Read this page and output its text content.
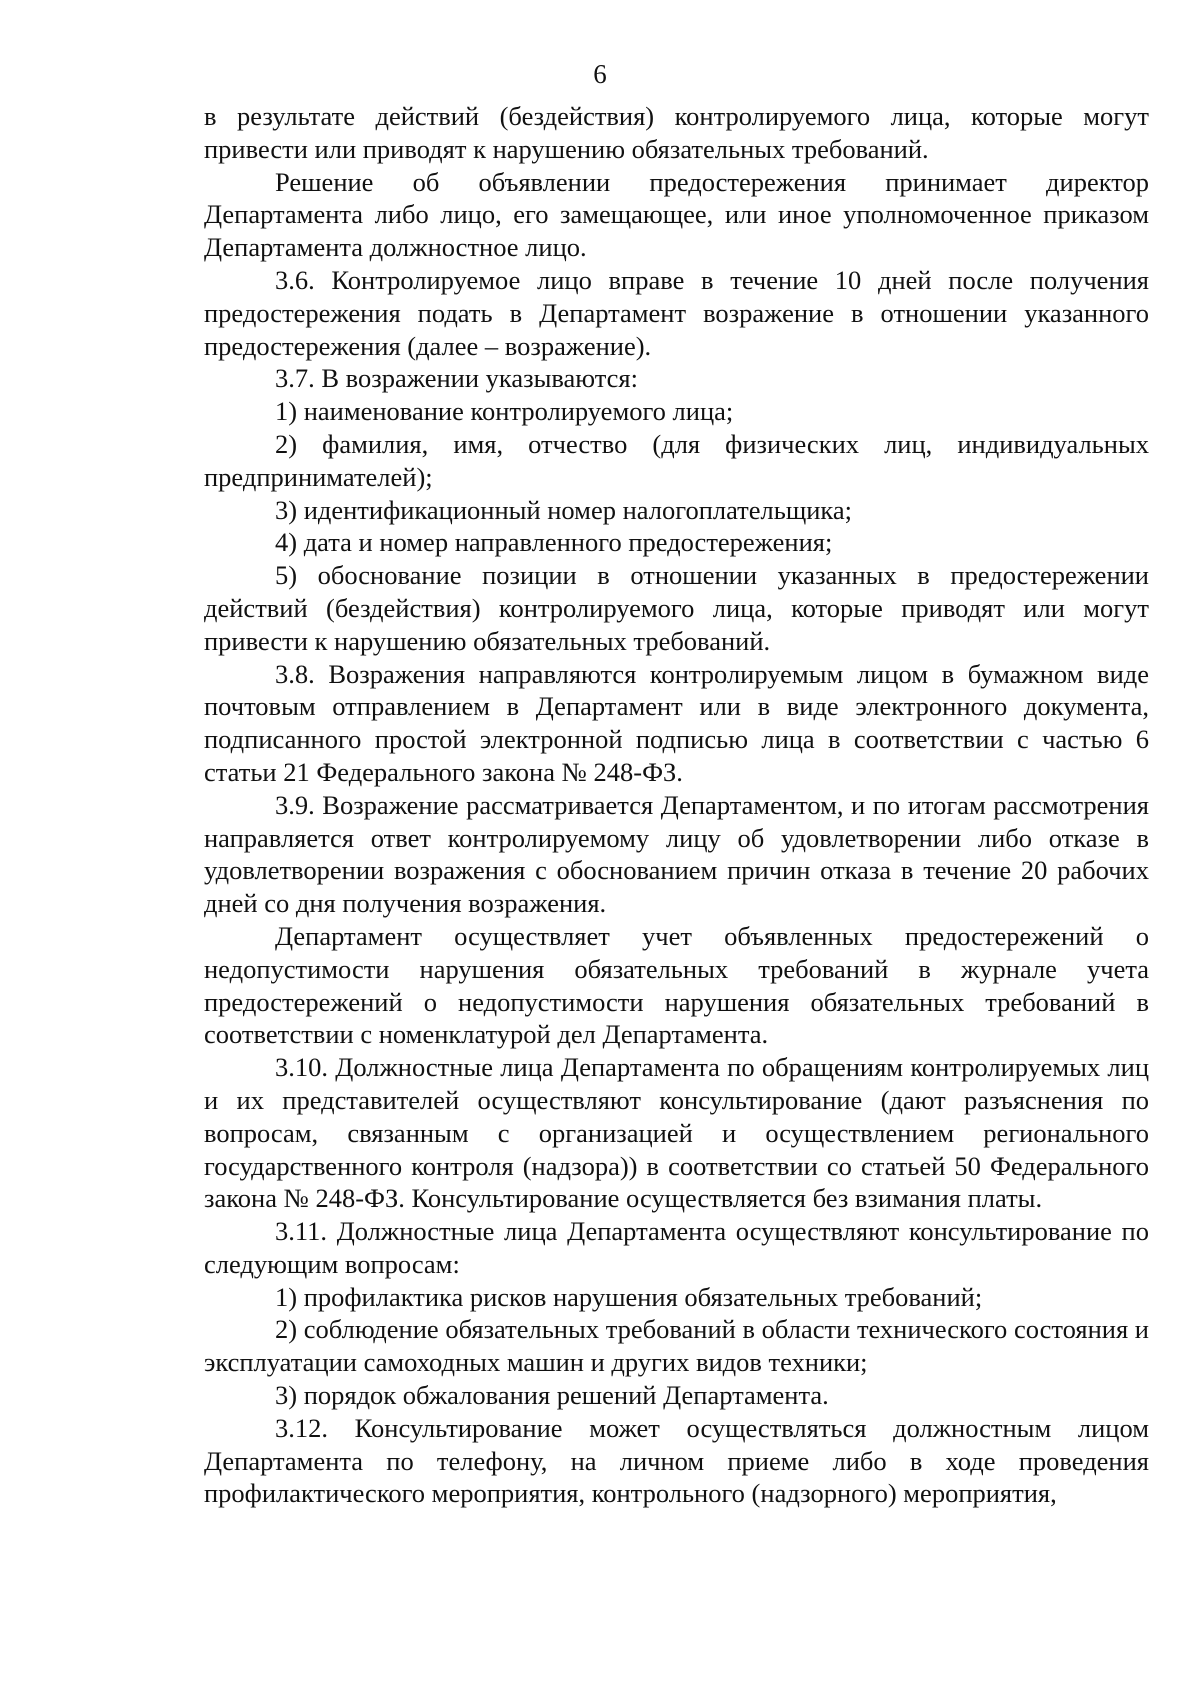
6

в результате действий (бездействия) контролируемого лица, которые могут привести или приводят к нарушению обязательных требований.

Решение об объявлении предостережения принимает директор Департамента либо лицо, его замещающее, или иное уполномоченное приказом Департамента должностное лицо.

3.6. Контролируемое лицо вправе в течение 10 дней после получения предостережения подать в Департамент возражение в отношении указанного предостережения (далее – возражение).

3.7. В возражении указываются:

1) наименование контролируемого лица;

2) фамилия, имя, отчество (для физических лиц, индивидуальных предпринимателей);

3) идентификационный номер налогоплательщика;

4) дата и номер направленного предостережения;

5) обоснование позиции в отношении указанных в предостережении действий (бездействия) контролируемого лица, которые приводят или могут привести к нарушению обязательных требований.

3.8. Возражения направляются контролируемым лицом в бумажном виде почтовым отправлением в Департамент или в виде электронного документа, подписанного простой электронной подписью лица в соответствии с частью 6 статьи 21 Федерального закона № 248-ФЗ.

3.9. Возражение рассматривается Департаментом, и по итогам рассмотрения направляется ответ контролируемому лицу об удовлетворении либо отказе в удовлетворении возражения с обоснованием причин отказа в течение 20 рабочих дней со дня получения возражения.

Департамент осуществляет учет объявленных предостережений о недопустимости нарушения обязательных требований в журнале учета предостережений о недопустимости нарушения обязательных требований в соответствии с номенклатурой дел Департамента.

3.10. Должностные лица Департамента по обращениям контролируемых лиц и их представителей осуществляют консультирование (дают разъяснения по вопросам, связанным с организацией и осуществлением регионального государственного контроля (надзора)) в соответствии со статьей 50 Федерального закона № 248-ФЗ. Консультирование осуществляется без взимания платы.

3.11. Должностные лица Департамента осуществляют консультирование по следующим вопросам:

1) профилактика рисков нарушения обязательных требований;

2) соблюдение обязательных требований в области технического состояния и эксплуатации самоходных машин и других видов техники;

3) порядок обжалования решений Департамента.

3.12. Консультирование может осуществляться должностным лицом Департамента по телефону, на личном приеме либо в ходе проведения профилактического мероприятия, контрольного (надзорного) мероприятия,
